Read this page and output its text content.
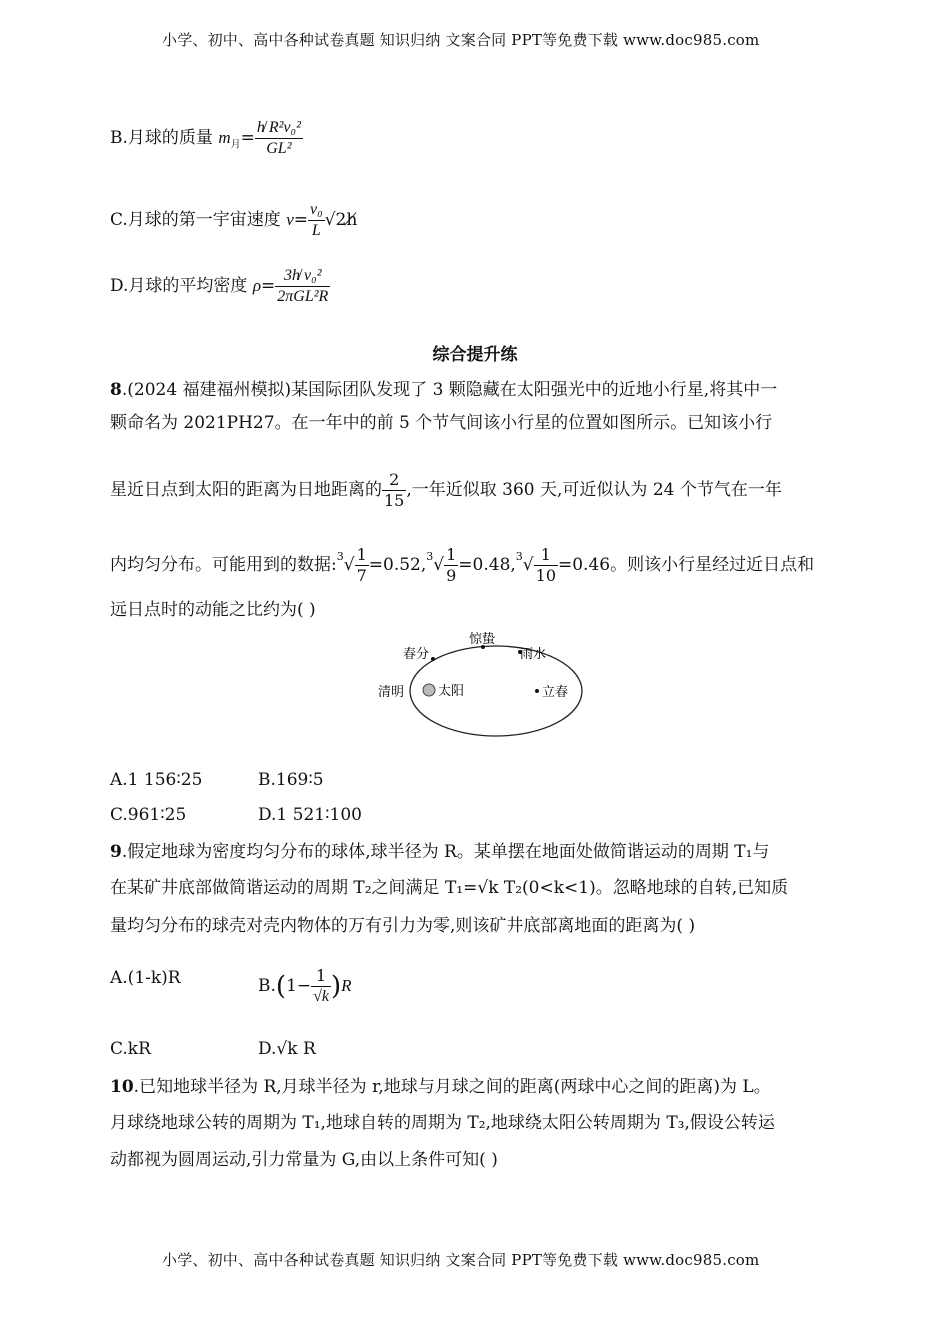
小学、初中、高中各种试卷真题 知识归纳 文案合同 PPT等免费下载 www.doc985.com
B.月球的质量 $m_月= \frac{\text{h̸ R²v₀²}}{\text{GL²}}$
C.月球的第一宇宙速度 $v= \frac{\text{v₀}}{L}$ √2h̸
D.月球的平均密度 $\rho= \frac{\text{3h̸ v₀²}}{\text{2πGL²R}}$
综合提升练
8.(2024 福建福州模拟)某国际团队发现了 3 颗隐藏在太阳强光中的近地小行星,将其中一
颗命名为 2021PH27。在一年中的前 5 个节气间该小行星的位置如图所示。已知该小行
星近日点到太阳的距离为日地距离的 $\frac{2}{15}$ ,一年近似取 360 天,可近似认为 24 个节气在一年
内均匀分布。可能用到的数据:$^3$√ $\frac{1}{7} =0.52,^3√ \frac{1}{9} =0.48,^3√ \frac{1}{10} =0.46$。则该小行星经过近日点和
远日点时的动能之比约为( )
太阳
清明
春分
惊蛰
雨水
立春
A.1 156∶25	B.169∶5
C.961∶25	D.1 521∶100
9.假定地球为密度均匀分布的球体,球半径为 R。某单摆在地面处做简谐运动的周期 T₁与
在某矿井底部做简谐运动的周期 T₂之间满足 T₁=√k T₂(0<k<1)。忽略地球的自转,已知质
量均匀分布的球壳对壳内物体的万有引力为零,则该矿井底部离地面的距离为( )
A.(1-k)R	$B.(1- \frac{1}{√k} )R$
C.kR	D.√k R
10.已知地球半径为 R,月球半径为 r,地球与月球之间的距离(两球中心之间的距离)为 L。
月球绕地球公转的周期为 T₁,地球自转的周期为 T₂,地球绕太阳公转周期为 T₃,假设公转运
动都视为圆周运动,引力常量为 G,由以上条件可知( )
小学、初中、高中各种试卷真题 知识归纳 文案合同 PPT等免费下载 www.doc985.com
